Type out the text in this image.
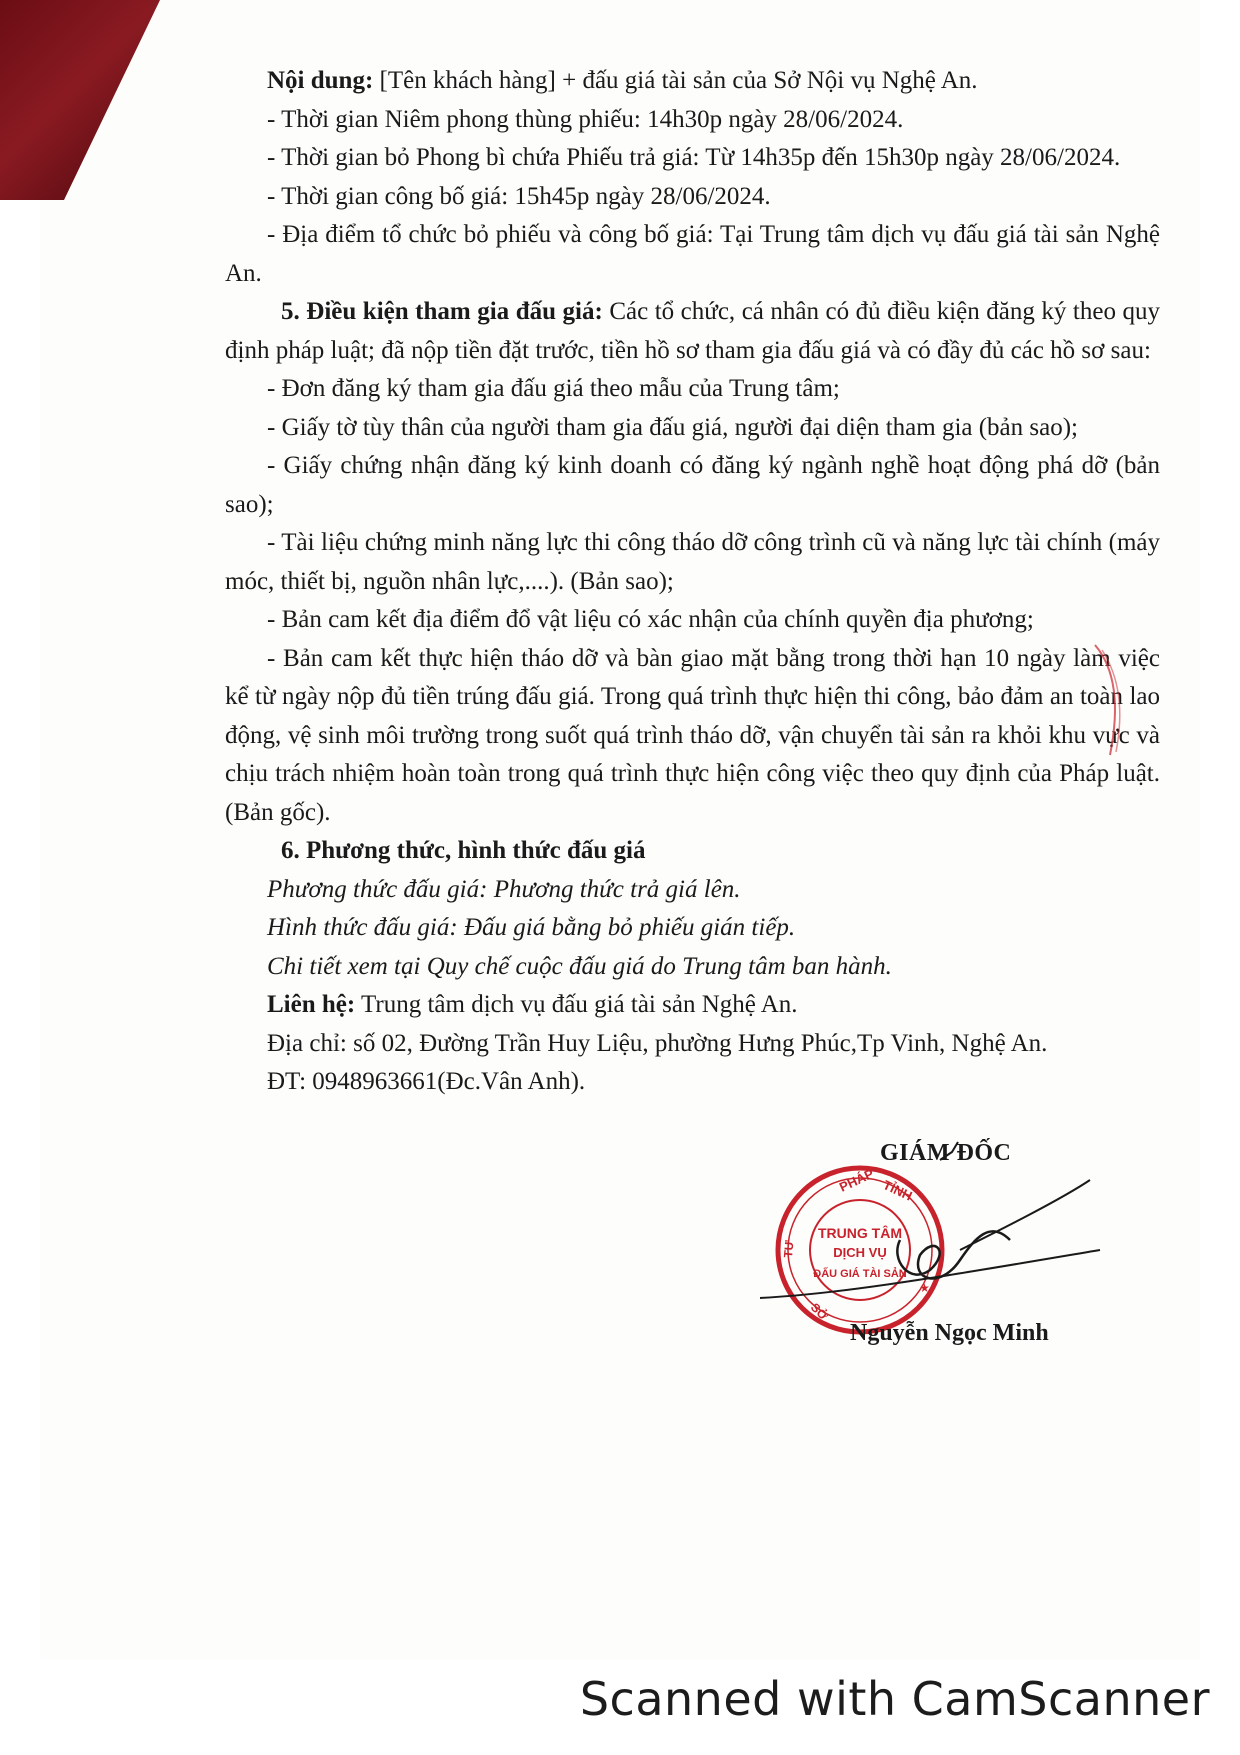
Nội dung: [Tên khách hàng] + đấu giá tài sản của Sở Nội vụ Nghệ An.

- Thời gian Niêm phong thùng phiếu: 14h30p ngày 28/06/2024.

- Thời gian bỏ Phong bì chứa Phiếu trả giá: Từ 14h35p đến 15h30p ngày 28/06/2024.

- Thời gian công bố giá: 15h45p ngày 28/06/2024.

- Địa điểm tổ chức bỏ phiếu và công bố giá: Tại Trung tâm dịch vụ đấu giá tài sản Nghệ An.

5. Điều kiện tham gia đấu giá: Các tổ chức, cá nhân có đủ điều kiện đăng ký theo quy định pháp luật; đã nộp tiền đặt trước, tiền hồ sơ tham gia đấu giá và có đầy đủ các hồ sơ sau:

- Đơn đăng ký tham gia đấu giá theo mẫu của Trung tâm;

- Giấy tờ tùy thân của người tham gia đấu giá, người đại diện tham gia (bản sao);

- Giấy chứng nhận đăng ký kinh doanh có đăng ký ngành nghề hoạt động phá dỡ (bản sao);

- Tài liệu chứng minh năng lực thi công tháo dỡ công trình cũ và năng lực tài chính (máy móc, thiết bị, nguồn nhân lực,....). (Bản sao);

- Bản cam kết địa điểm đổ vật liệu có xác nhận của chính quyền địa phương;

- Bản cam kết thực hiện tháo dỡ và bàn giao mặt bằng trong thời hạn 10 ngày làm việc kể từ ngày nộp đủ tiền trúng đấu giá. Trong quá trình thực hiện thi công, bảo đảm an toàn lao động, vệ sinh môi trường trong suốt quá trình tháo dỡ, vận chuyển tài sản ra khỏi khu vực và chịu trách nhiệm hoàn toàn trong quá trình thực hiện công việc theo quy định của Pháp luật. (Bản gốc).

6. Phương thức, hình thức đấu giá

Phương thức đấu giá: Phương thức trả giá lên.

Hình thức đấu giá: Đấu giá bằng bỏ phiếu gián tiếp.

Chi tiết xem tại Quy chế cuộc đấu giá do Trung tâm ban hành.

Liên hệ: Trung tâm dịch vụ đấu giá tài sản Nghệ An.

Địa chỉ: số 02, Đường Trần Huy Liệu, phường Hưng Phúc,Tp Vinh, Nghệ An.

ĐT: 0948963661(Đc.Vân Anh).

PHÁP TỈNH
TƯ
SỞ
TRUNG TÂM
DỊCH VỤ
ĐẤU GIÁ TÀI SẢN
★
GIÁM ĐỐC
Nguyễn Ngọc Minh
Scanned with CamScanner
